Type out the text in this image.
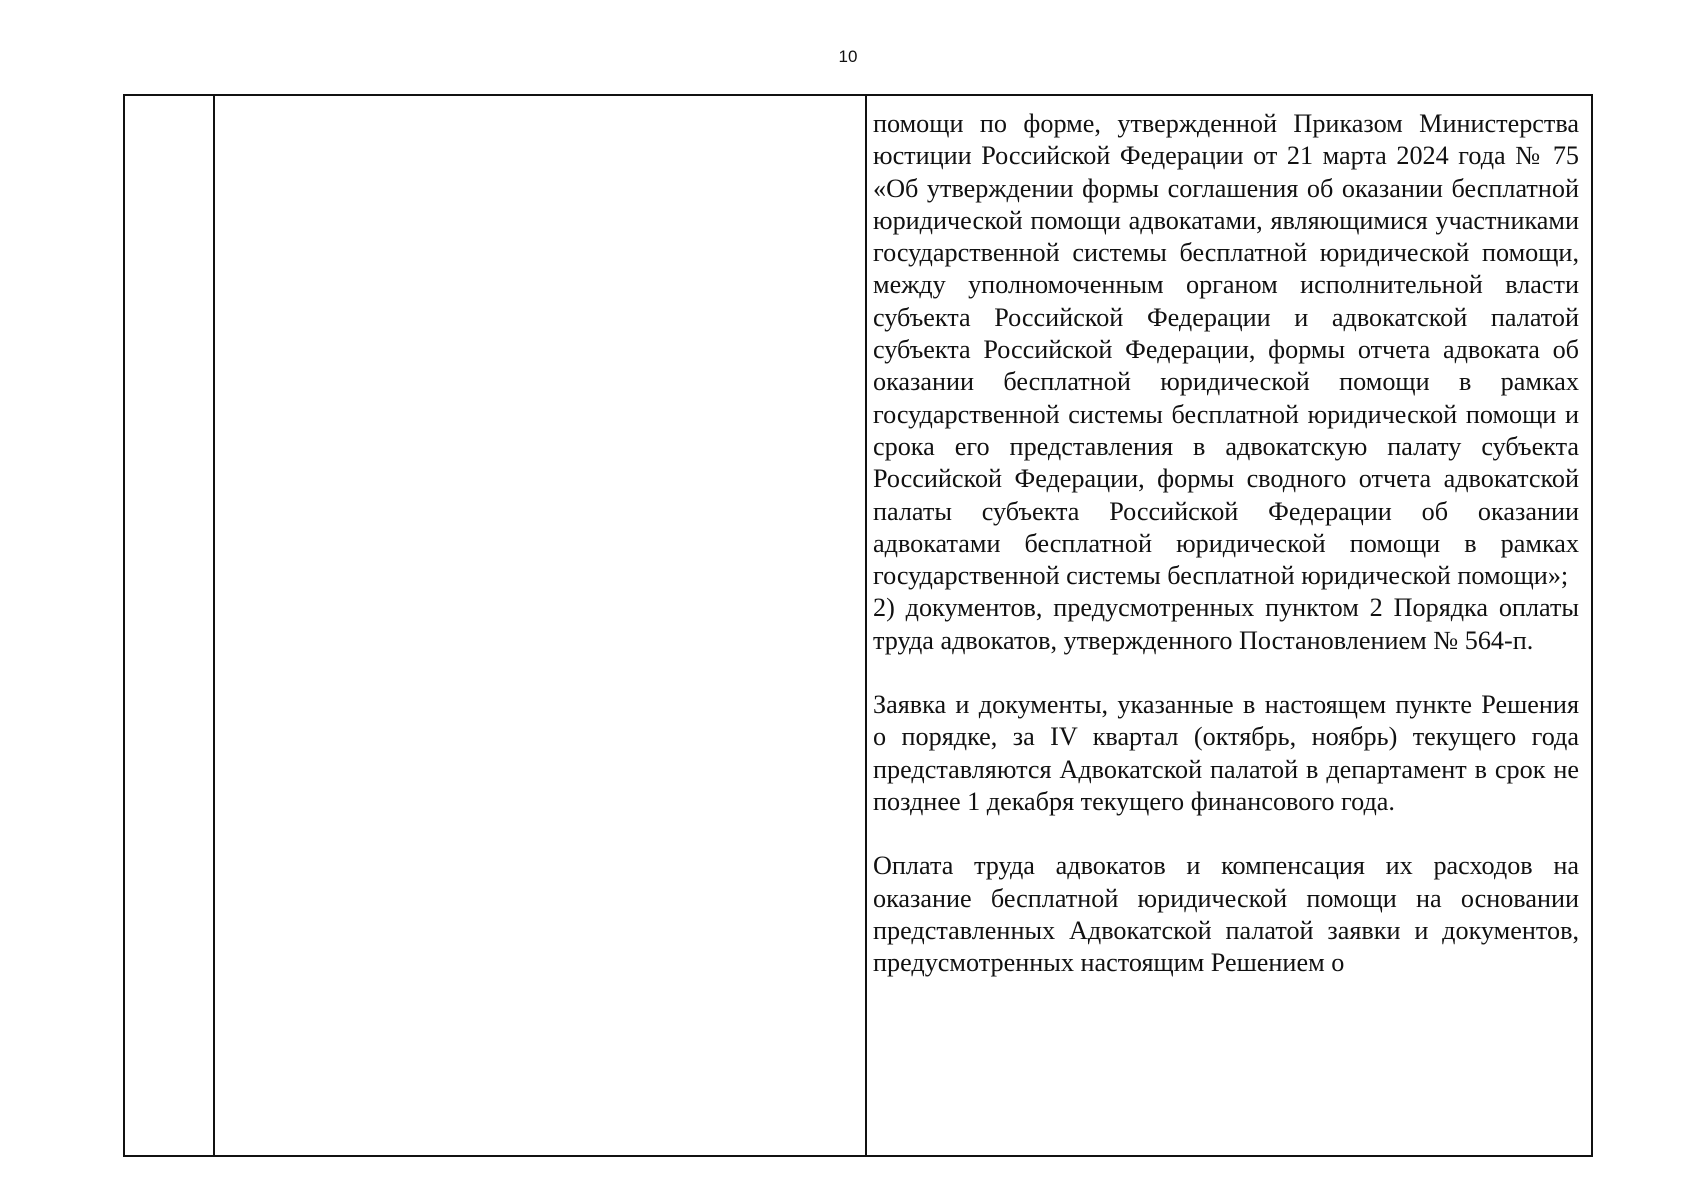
10

помощи по форме, утвержденной Приказом Министерства юстиции Российской Федерации от 21 марта 2024 года № 75 «Об утверждении формы соглашения об оказании бесплатной юридической помощи адвокатами, являющимися участниками государственной системы бесплатной юридической помощи, между уполномоченным органом исполнительной власти субъекта Российской Федерации и адвокатской палатой субъекта Российской Федерации, формы отчета адвоката об оказании бесплатной юридической помощи в рамках государственной системы бесплатной юридической помощи и срока его представления в адвокатскую палату субъекта Российской Федерации, формы сводного отчета адвокатской палаты субъекта Российской Федерации об оказании адвокатами бесплатной юридической помощи в рамках государственной системы бесплатной юридической помощи»;

2) документов, предусмотренных пунктом 2 Порядка оплаты труда адвокатов, утвержденного Постановлением № 564-п.

Заявка и документы, указанные в настоящем пункте Решения о порядке, за IV квартал (октябрь, ноябрь) текущего года представляются Адвокатской палатой в департамент в срок не позднее 1 декабря текущего финансового года.

Оплата труда адвокатов и компенсация их расходов на оказание бесплатной юридической помощи на основании представленных Адвокатской палатой заявки и документов, предусмотренных настоящим Решением о
